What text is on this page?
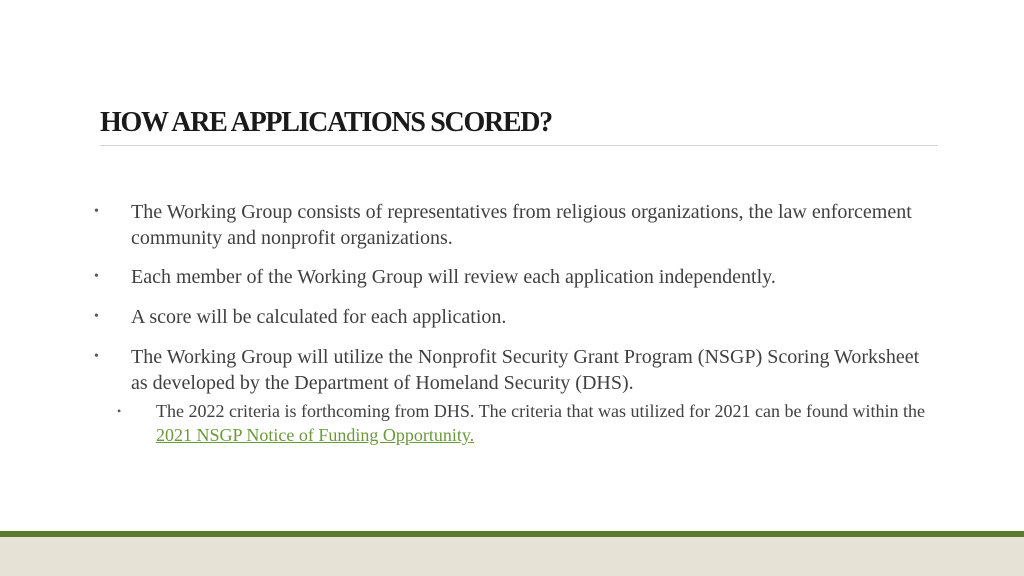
HOW ARE APPLICATIONS SCORED?
• The Working Group consists of representatives from religious organizations, the law enforcement community and nonprofit organizations.
• Each member of the Working Group will review each application independently.
• A score will be calculated for each application.
• The Working Group will utilize the Nonprofit Security Grant Program (NSGP) Scoring Worksheet as developed by the Department of Homeland Security (DHS).
• The 2022 criteria is forthcoming from DHS. The criteria that was utilized for 2021 can be found within the 2021 NSGP Notice of Funding Opportunity.
